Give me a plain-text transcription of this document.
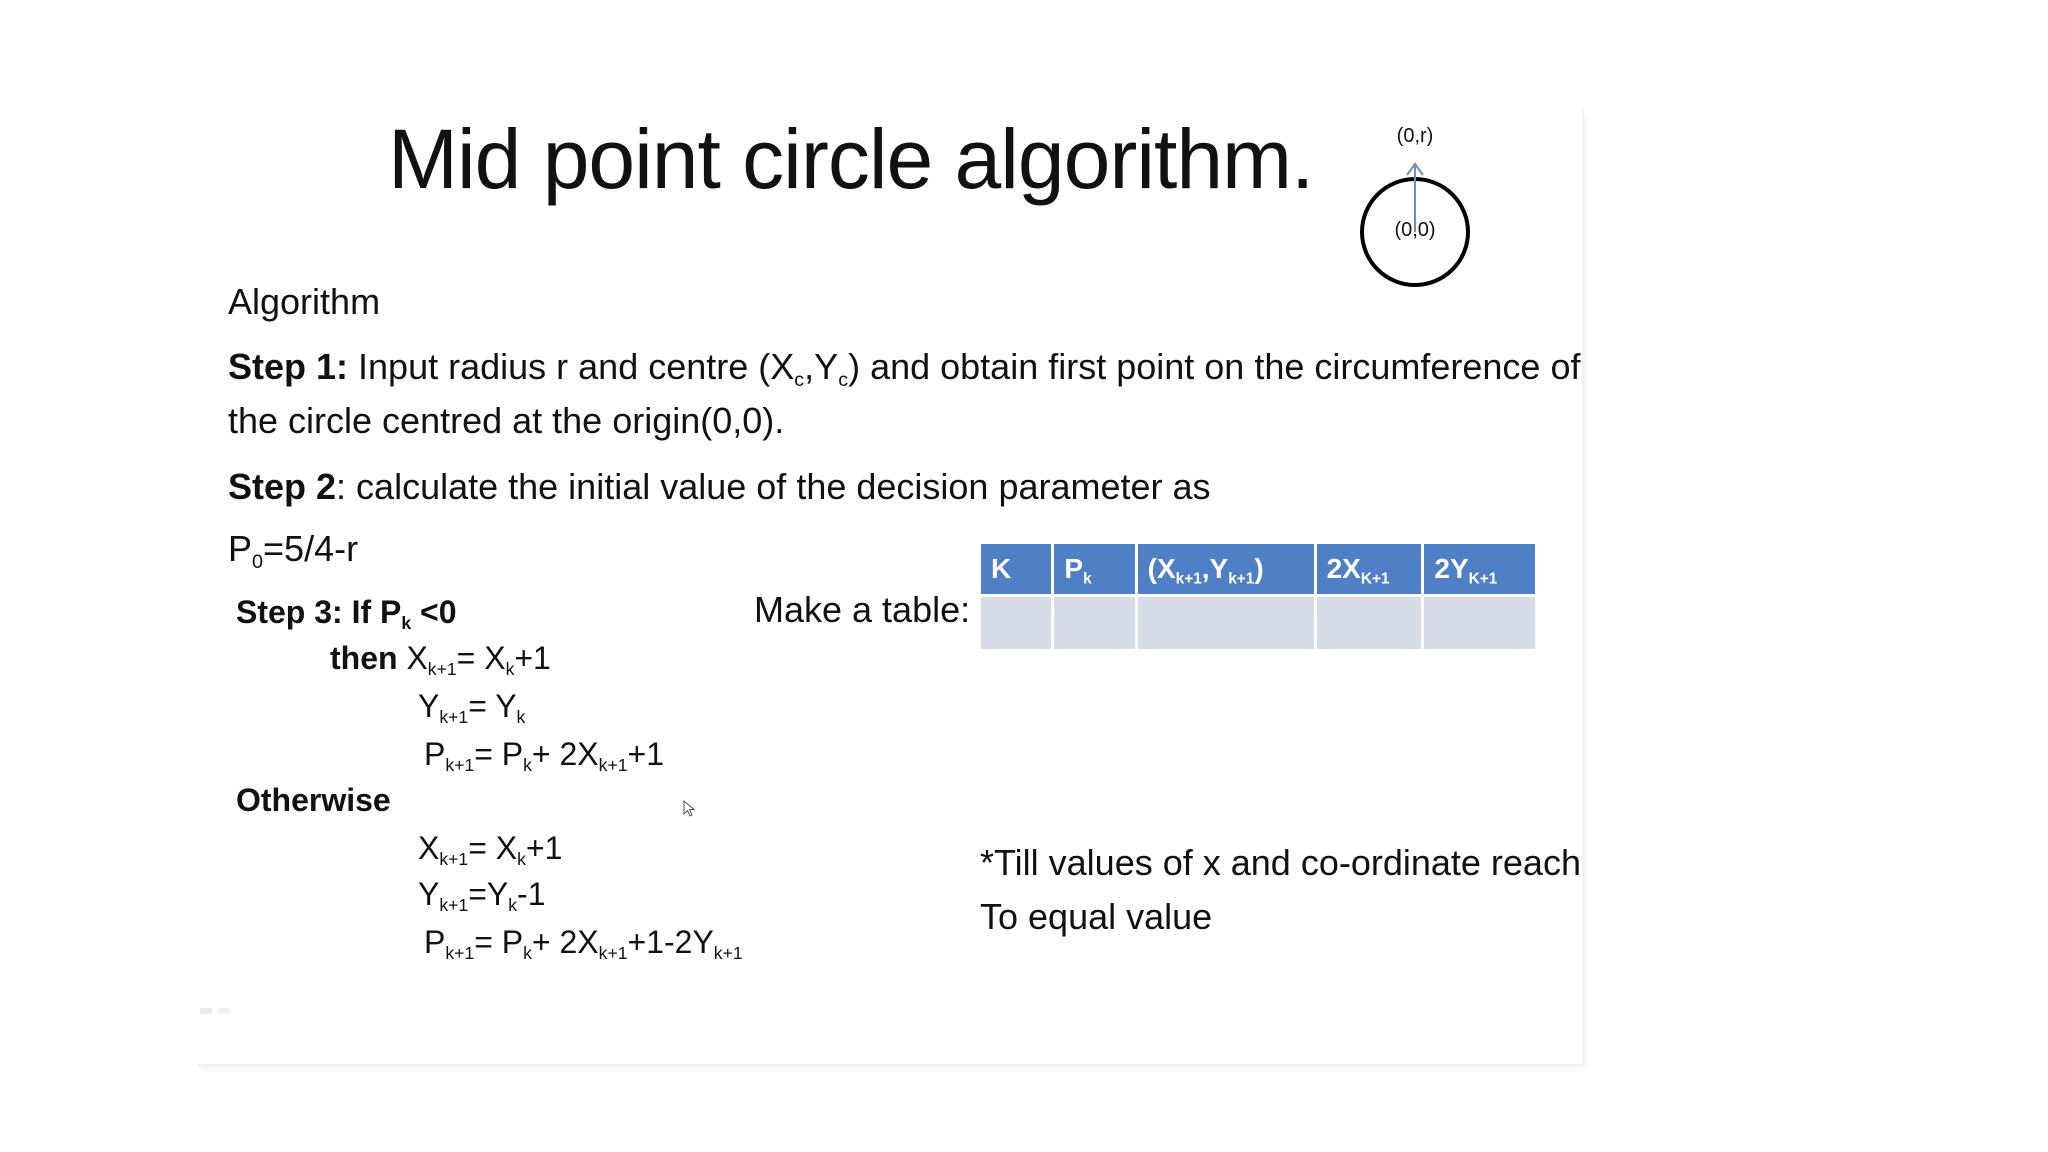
Mid point circle algorithm.	(0,r)
(0,0)
Algorithm
Step 1: Input radius r and centre $(X_c,Y_c)$ and obtain first point on the circumference of
the circle centred at the origin(0,0).
Step 2: calculate the initial value of the decision parameter as
$P_0=5/4-r$
Step 3: If $P_k <0$
then $X_{k+1}= X_k+1$
$Y_{k+1}= Y_k$
$P_{k+1}= P_k+ 2X_{k+1}+1$
Otherwise
$X_{k+1}= X_k+1$
$Y_{k+1}=Y_k-1$
$P_{k+1}= P_k+ 2X_{k+1}+1-2Y_{k+1}$
Make a table:
K	$P_k$	$(X_{k+1},Y_{k+1})$	$2X_{K+1}$	$2Y_{K+1}$

*Till values of x and co-ordinate reach
To equal value
